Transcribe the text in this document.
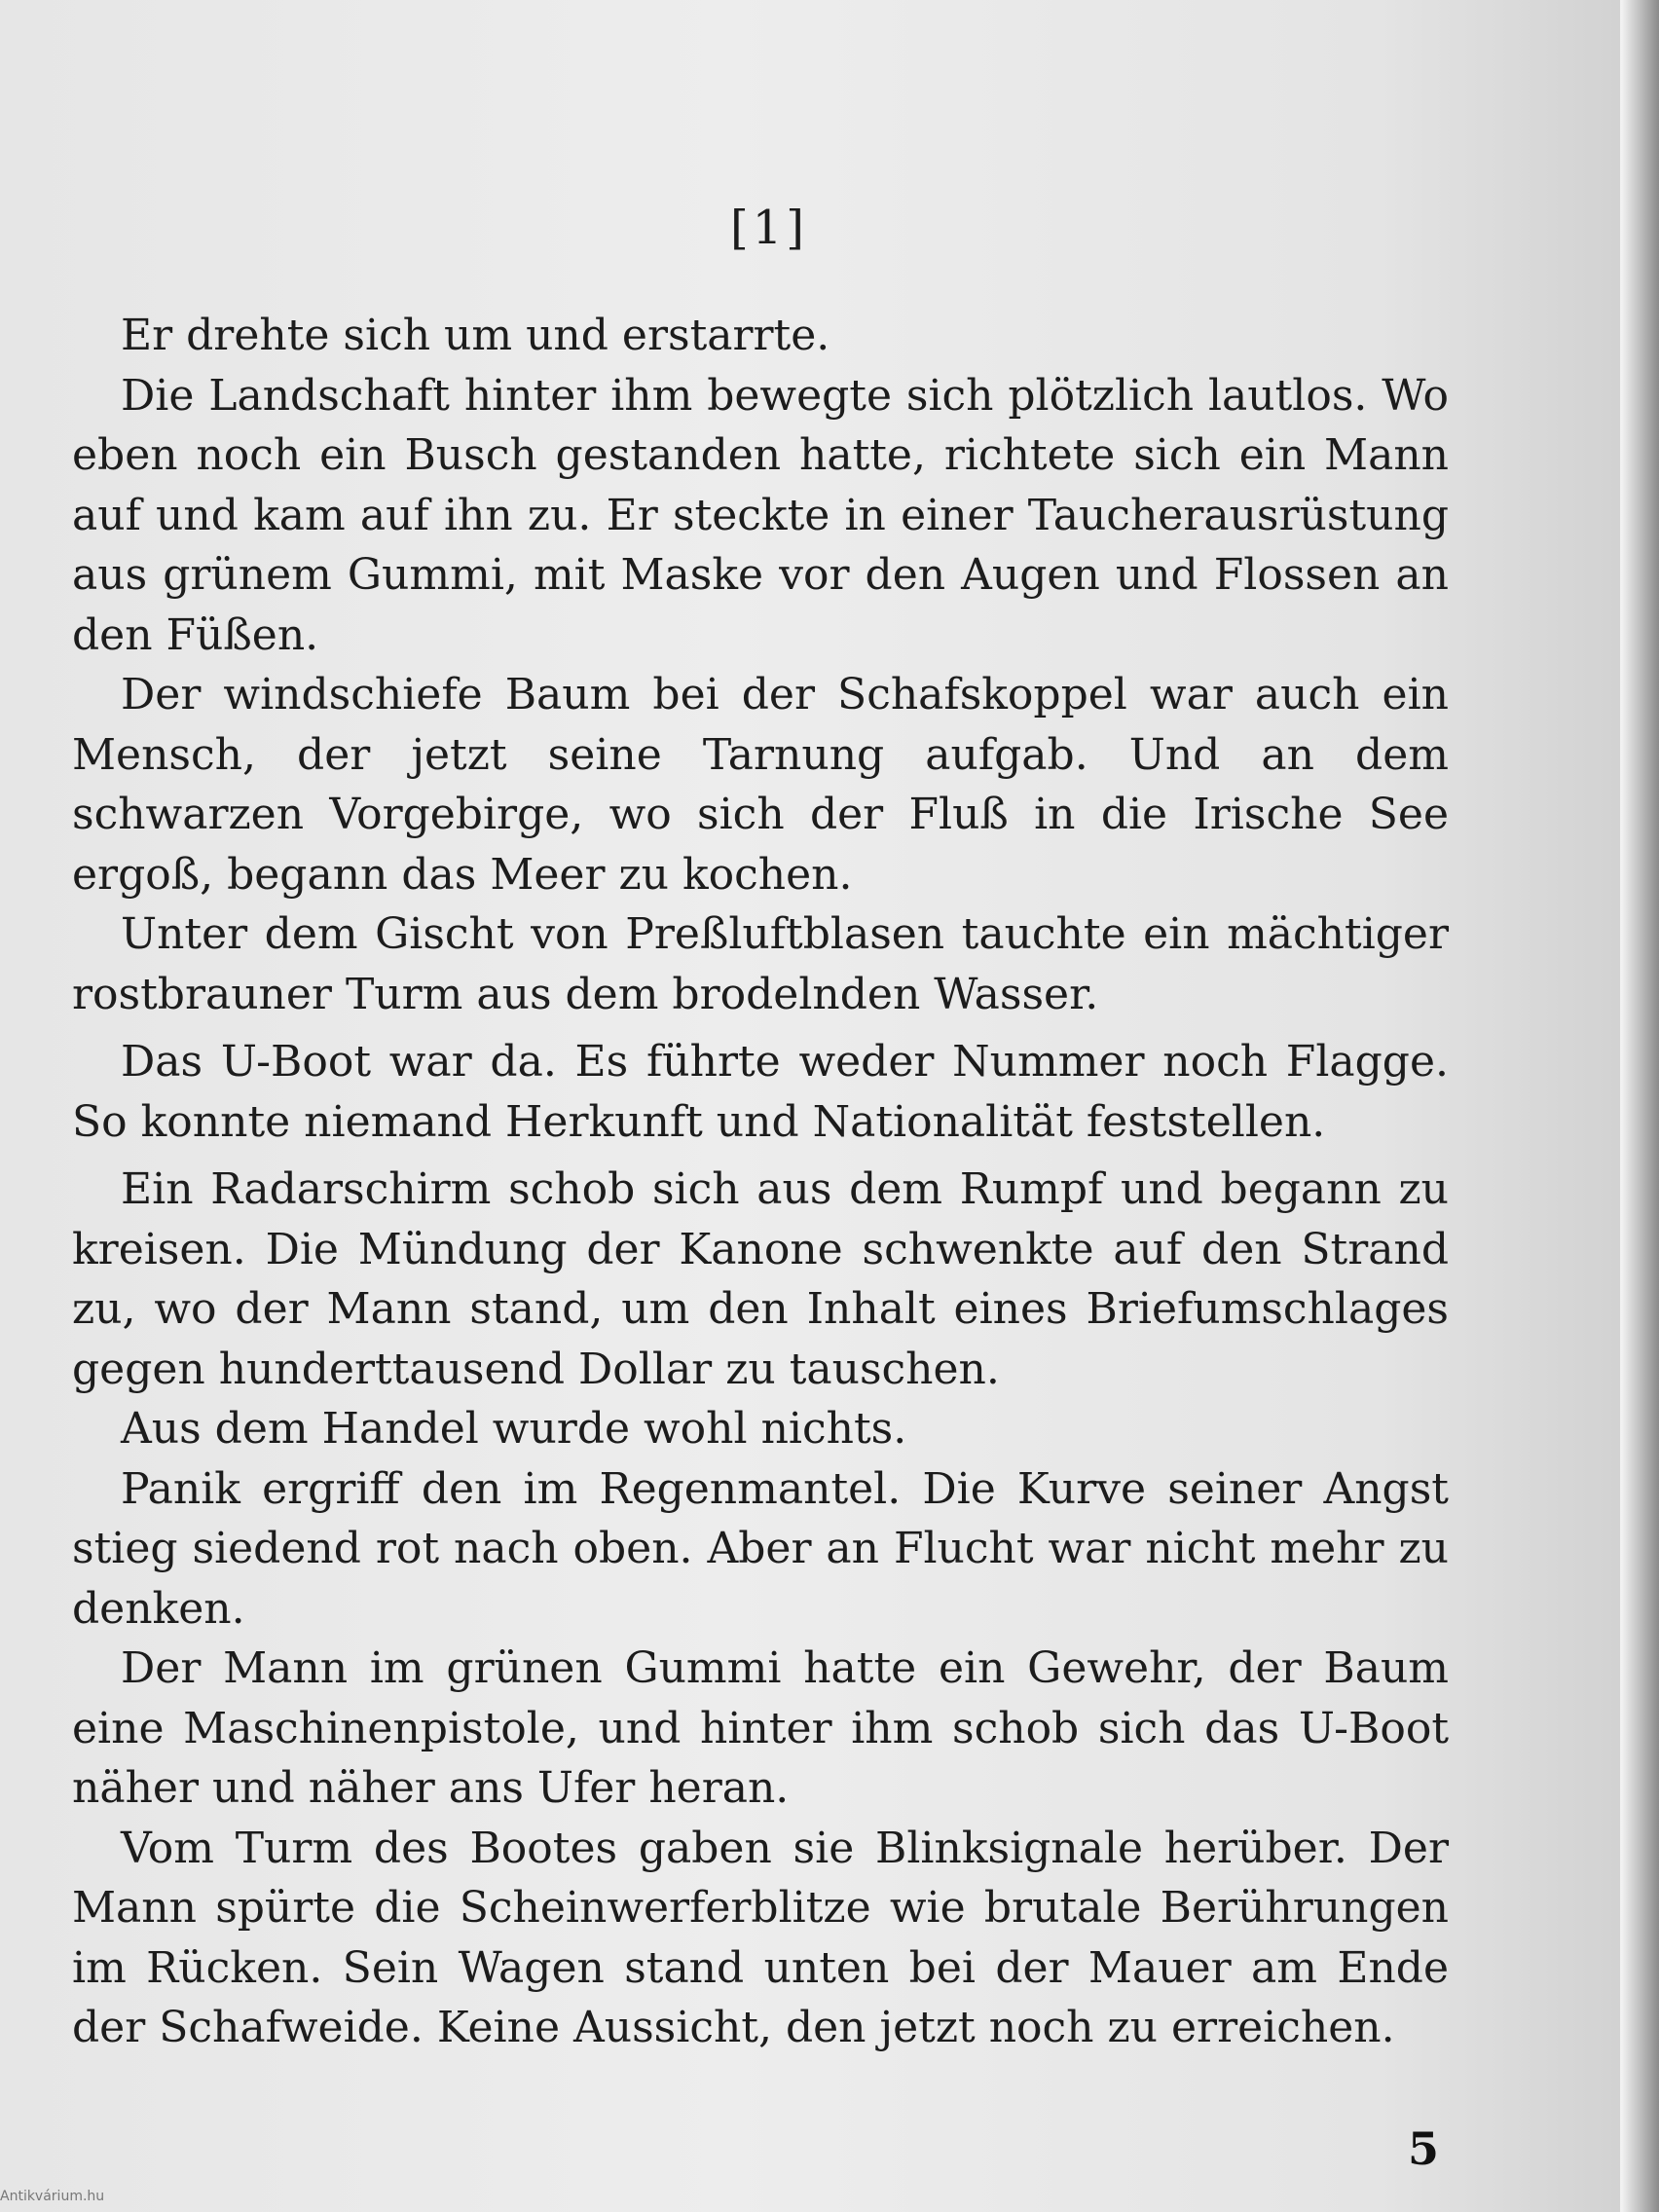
[1]

Er drehte sich um und erstarrte.

Die Landschaft hinter ihm bewegte sich plötzlich lautlos. Wo eben noch ein Busch gestanden hatte, richtete sich ein Mann auf und kam auf ihn zu. Er steckte in einer Taucherausrüstung aus grünem Gummi, mit Maske vor den Augen und Flossen an den Füßen.

Der windschiefe Baum bei der Schafskoppel war auch ein Mensch, der jetzt seine Tarnung aufgab. Und an dem schwarzen Vorgebirge, wo sich der Fluß in die Irische See ergoß, begann das Meer zu kochen.

Unter dem Gischt von Preßluftblasen tauchte ein mächtiger rostbrauner Turm aus dem brodelnden Wasser.

Das U-Boot war da. Es führte weder Nummer noch Flagge. So konnte niemand Herkunft und Nationalität feststellen.

Ein Radarschirm schob sich aus dem Rumpf und begann zu kreisen. Die Mündung der Kanone schwenkte auf den Strand zu, wo der Mann stand, um den Inhalt eines Briefumschlages gegen hunderttausend Dollar zu tauschen.

Aus dem Handel wurde wohl nichts.

Panik ergriff den im Regenmantel. Die Kurve seiner Angst stieg siedend rot nach oben. Aber an Flucht war nicht mehr zu denken.

Der Mann im grünen Gummi hatte ein Gewehr, der Baum eine Maschinenpistole, und hinter ihm schob sich das U-Boot näher und näher ans Ufer heran.

Vom Turm des Bootes gaben sie Blinksignale herüber. Der Mann spürte die Scheinwerferblitze wie brutale Berührungen im Rücken. Sein Wagen stand unten bei der Mauer am Ende der Schafweide. Keine Aussicht, den jetzt noch zu erreichen.

5
Antikvárium.hu
